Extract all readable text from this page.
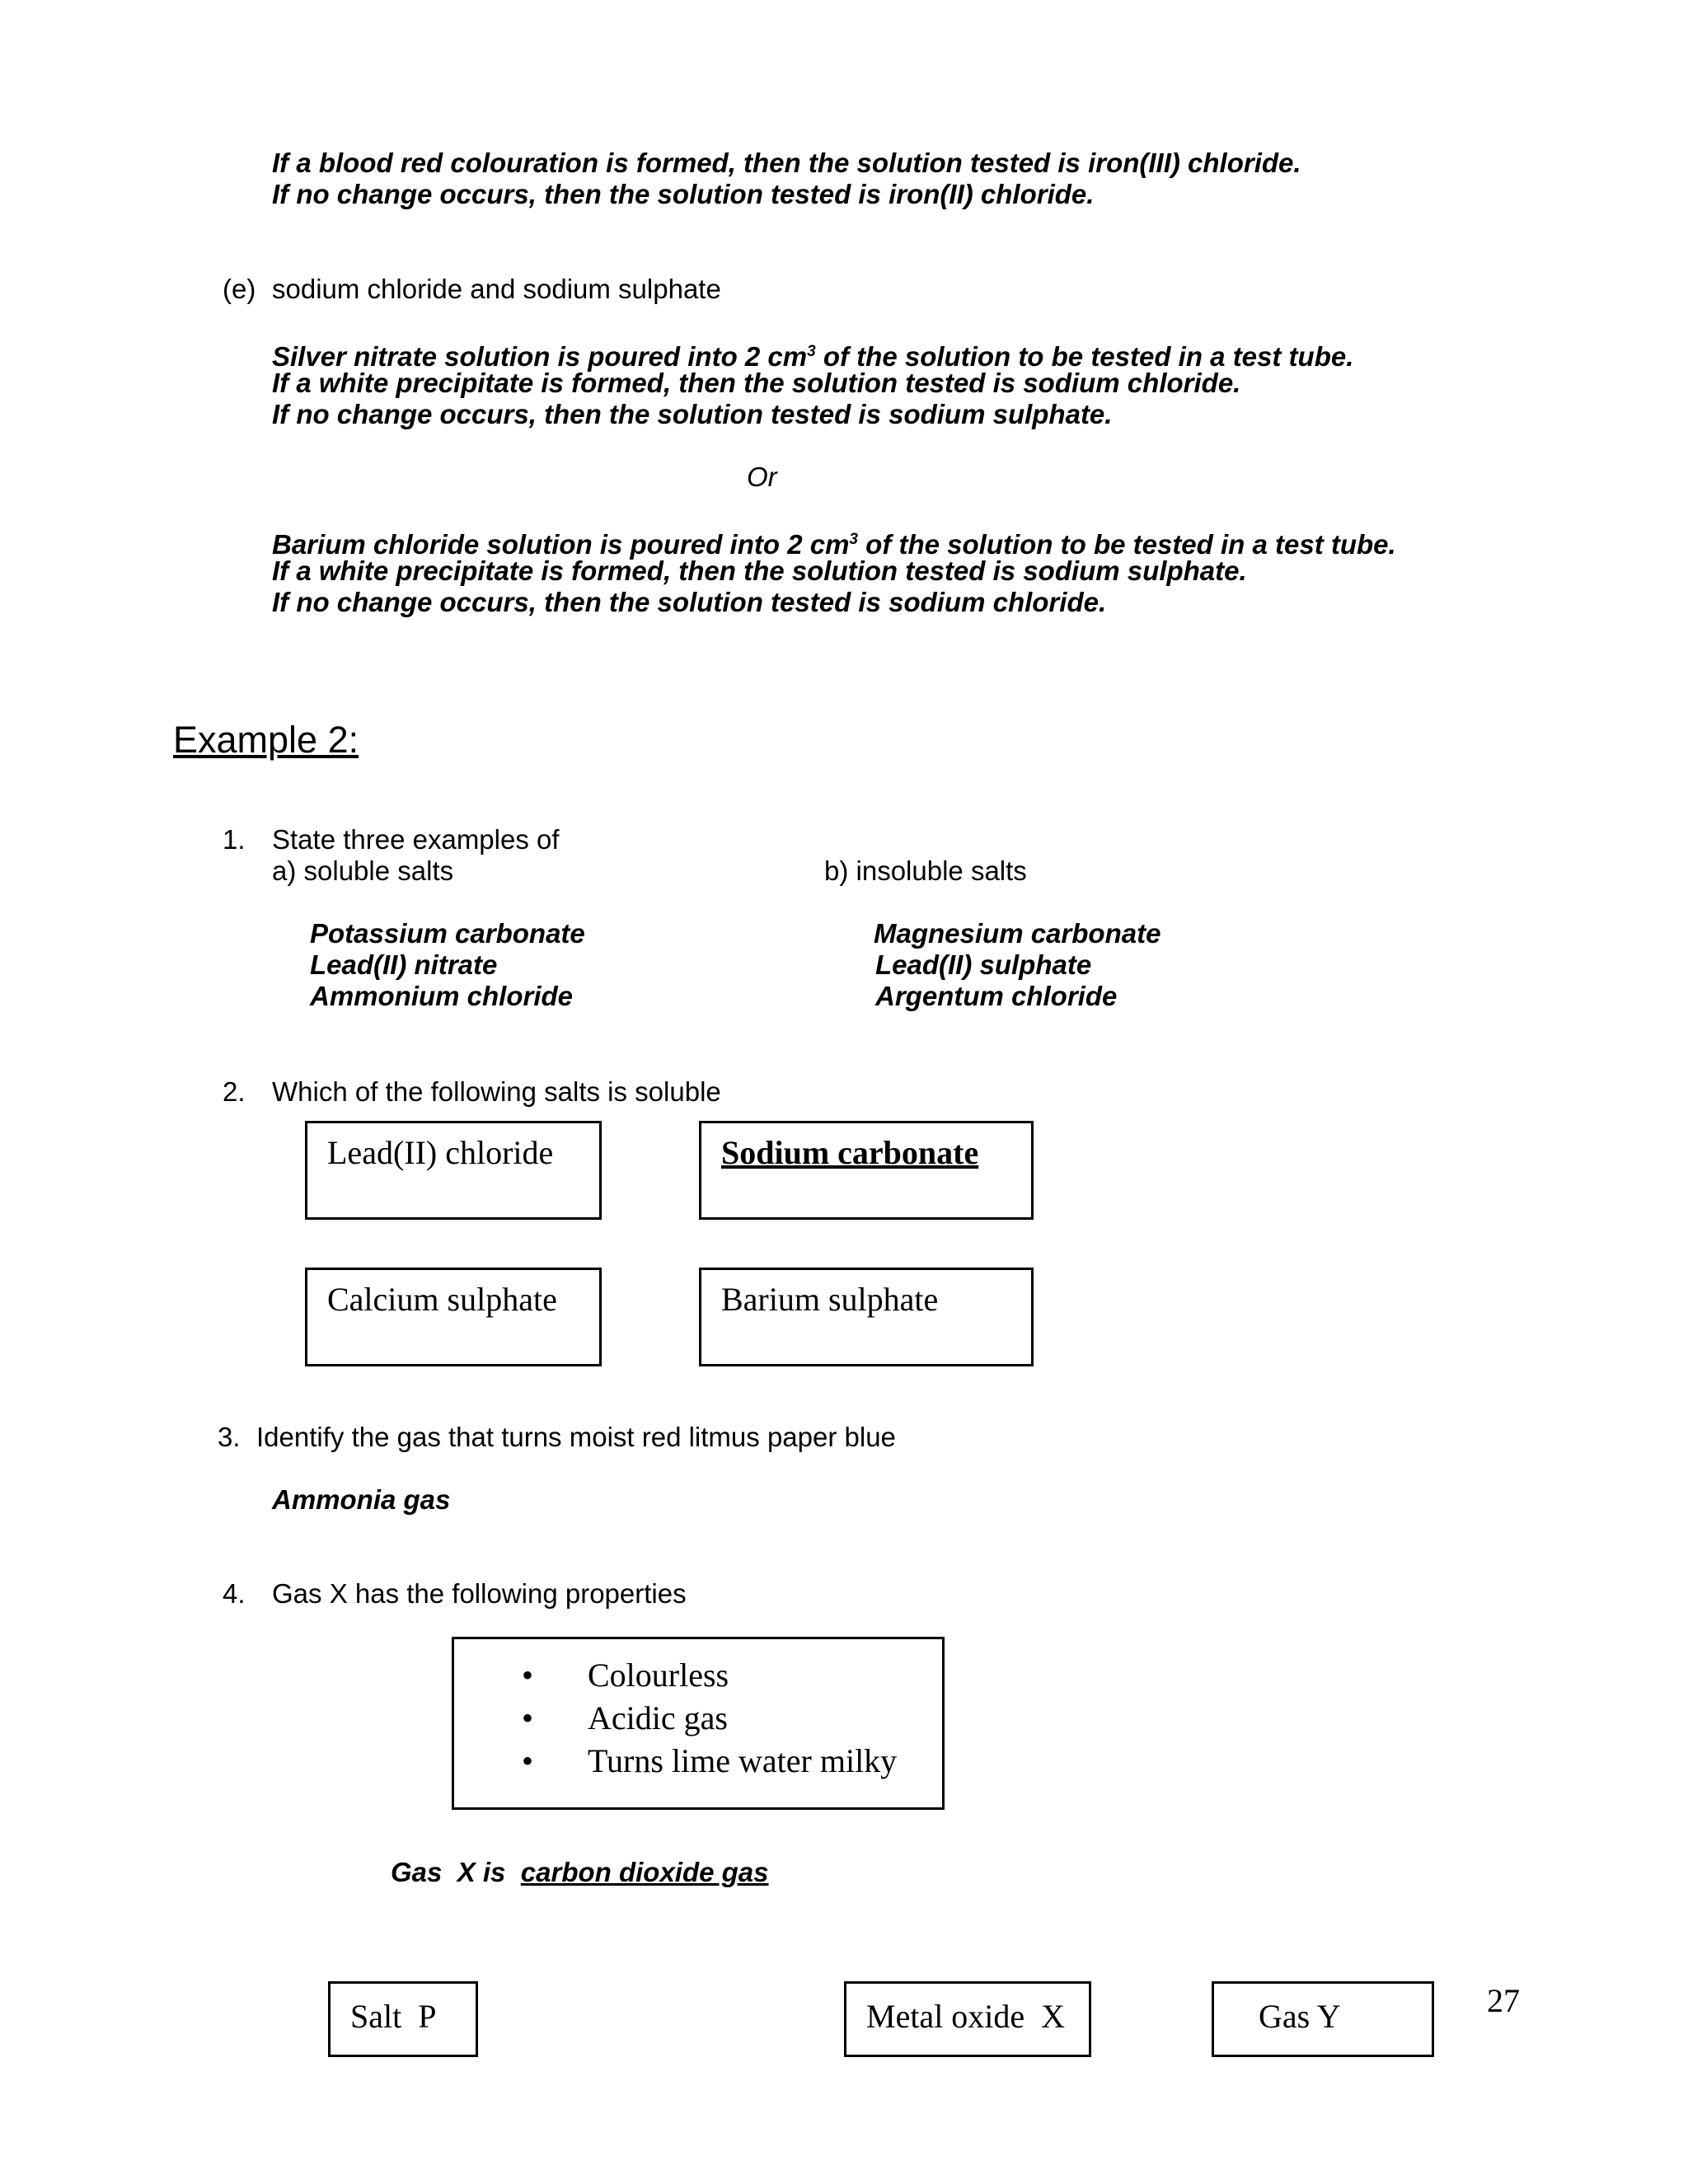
If a blood red colouration is formed, then the solution tested is iron(III) chloride.
If no change occurs, then the solution tested is iron(II) chloride.
(e) sodium chloride and sodium sulphate
Silver nitrate solution is poured into 2 $cm^3$ of the solution to be tested in a test tube.
If a white precipitate is formed, then the solution tested is sodium chloride.
If no change occurs, then the solution tested is sodium sulphate.
Or
Barium chloride solution is poured into 2 $cm^3$ of the solution to be tested in a test tube.
If a white precipitate is formed, then the solution tested is sodium sulphate.
If no change occurs, then the solution tested is sodium chloride.
Example 2:
1. State three examples of
a) soluble salts	b) insoluble salts
Potassium carbonate
Lead(II) nitrate
Ammonium chloride
Magnesium carbonate
Lead(II) sulphate
Argentum chloride
2. Which of the following salts is soluble
Lead(II) chloride	Sodium carbonate
Calcium sulphate	Barium sulphate
3. Identify the gas that turns moist red litmus paper blue
Ammonia gas
4. Gas X has the following properties
• Colourless
• Acidic gas
• Turns lime water milky
Gas  X is carbon dioxide gas
Salt  P	Metal oxide  X	Gas Y	27
